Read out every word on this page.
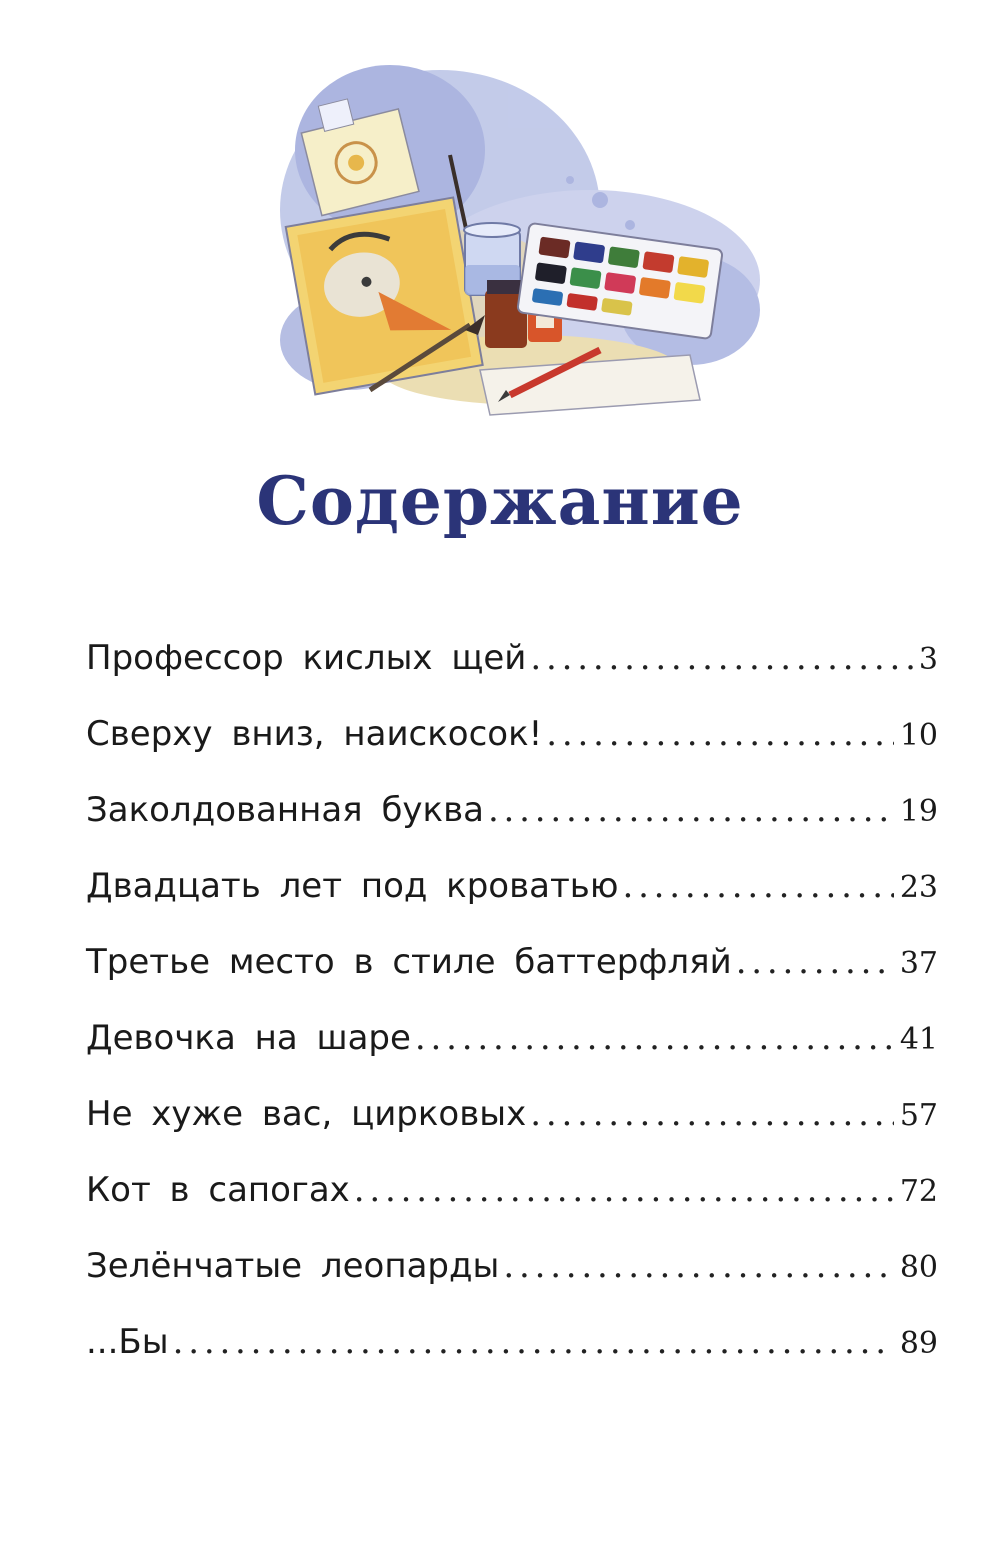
Содержание
Профессор кислых щей . . .	3
Сверху вниз, наискосок! . . .	10
Заколдованная буква . . .	19
Двадцать лет под кроватью . . .	23
Третье место в стиле баттерфляй . . .	37
Девочка на шаре . . .	41
Не хуже вас, цирковых . . .	57
Кот в сапогах . . .	72
Зелёнчатые леопарды . . .	80
...Бы . . .	89
